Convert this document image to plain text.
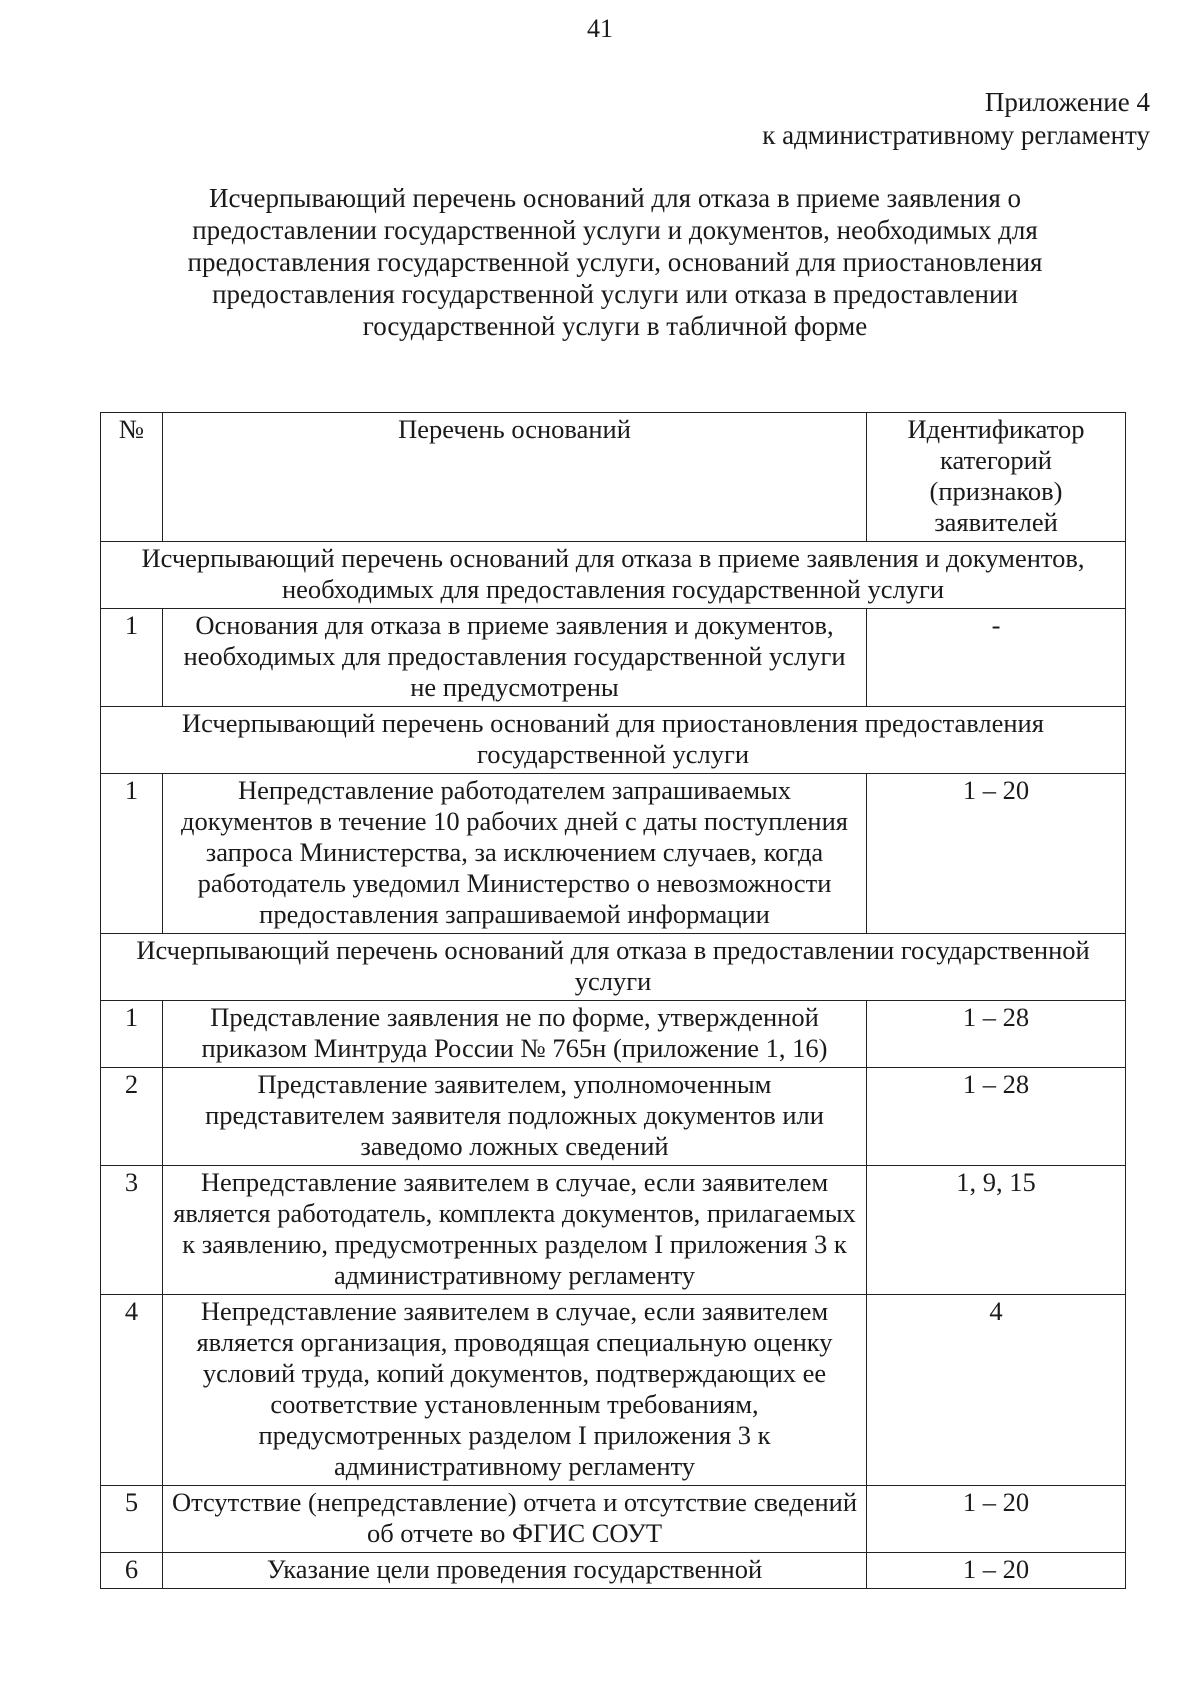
41
Приложение 4
к административному регламенту
Исчерпывающий перечень оснований для отказа в приеме заявления о предоставлении государственной услуги и документов, необходимых для предоставления государственной услуги, оснований для приостановления предоставления государственной услуги или отказа в предоставлении государственной услуги в табличной форме
№	Перечень оснований	Идентификатор категорий (признаков) заявителей
Исчерпывающий перечень оснований для отказа в приеме заявления и документов, необходимых для предоставления государственной услуги		
1	Основания для отказа в приеме заявления и документов, необходимых для предоставления государственной услуги не предусмотрены	-
Исчерпывающий перечень оснований для приостановления предоставления государственной услуги		
1	Непредставление работодателем запрашиваемых документов в течение 10 рабочих дней с даты поступления запроса Министерства, за исключением случаев, когда работодатель уведомил Министерство о невозможности предоставления запрашиваемой информации	1 – 20
Исчерпывающий перечень оснований для отказа в предоставлении государственной услуги		
1	Представление заявления не по форме, утвержденной приказом Минтруда России № 765н (приложение 1, 16)	1 – 28
2	Представление заявителем, уполномоченным представителем заявителя подложных документов или заведомо ложных сведений	1 – 28
3	Непредставление заявителем в случае, если заявителем является работодатель, комплекта документов, прилагаемых к заявлению, предусмотренных разделом I приложения 3 к административному регламенту	1, 9, 15
4	Непредставление заявителем в случае, если заявителем является организация, проводящая специальную оценку условий труда, копий документов, подтверждающих ее соответствие установленным требованиям, предусмотренных разделом I приложения 3 к административному регламенту	4
5	Отсутствие (непредставление) отчета и отсутствие сведений об отчете во ФГИС СОУТ	1 – 20
6	Указание цели проведения государственной	1 – 20
